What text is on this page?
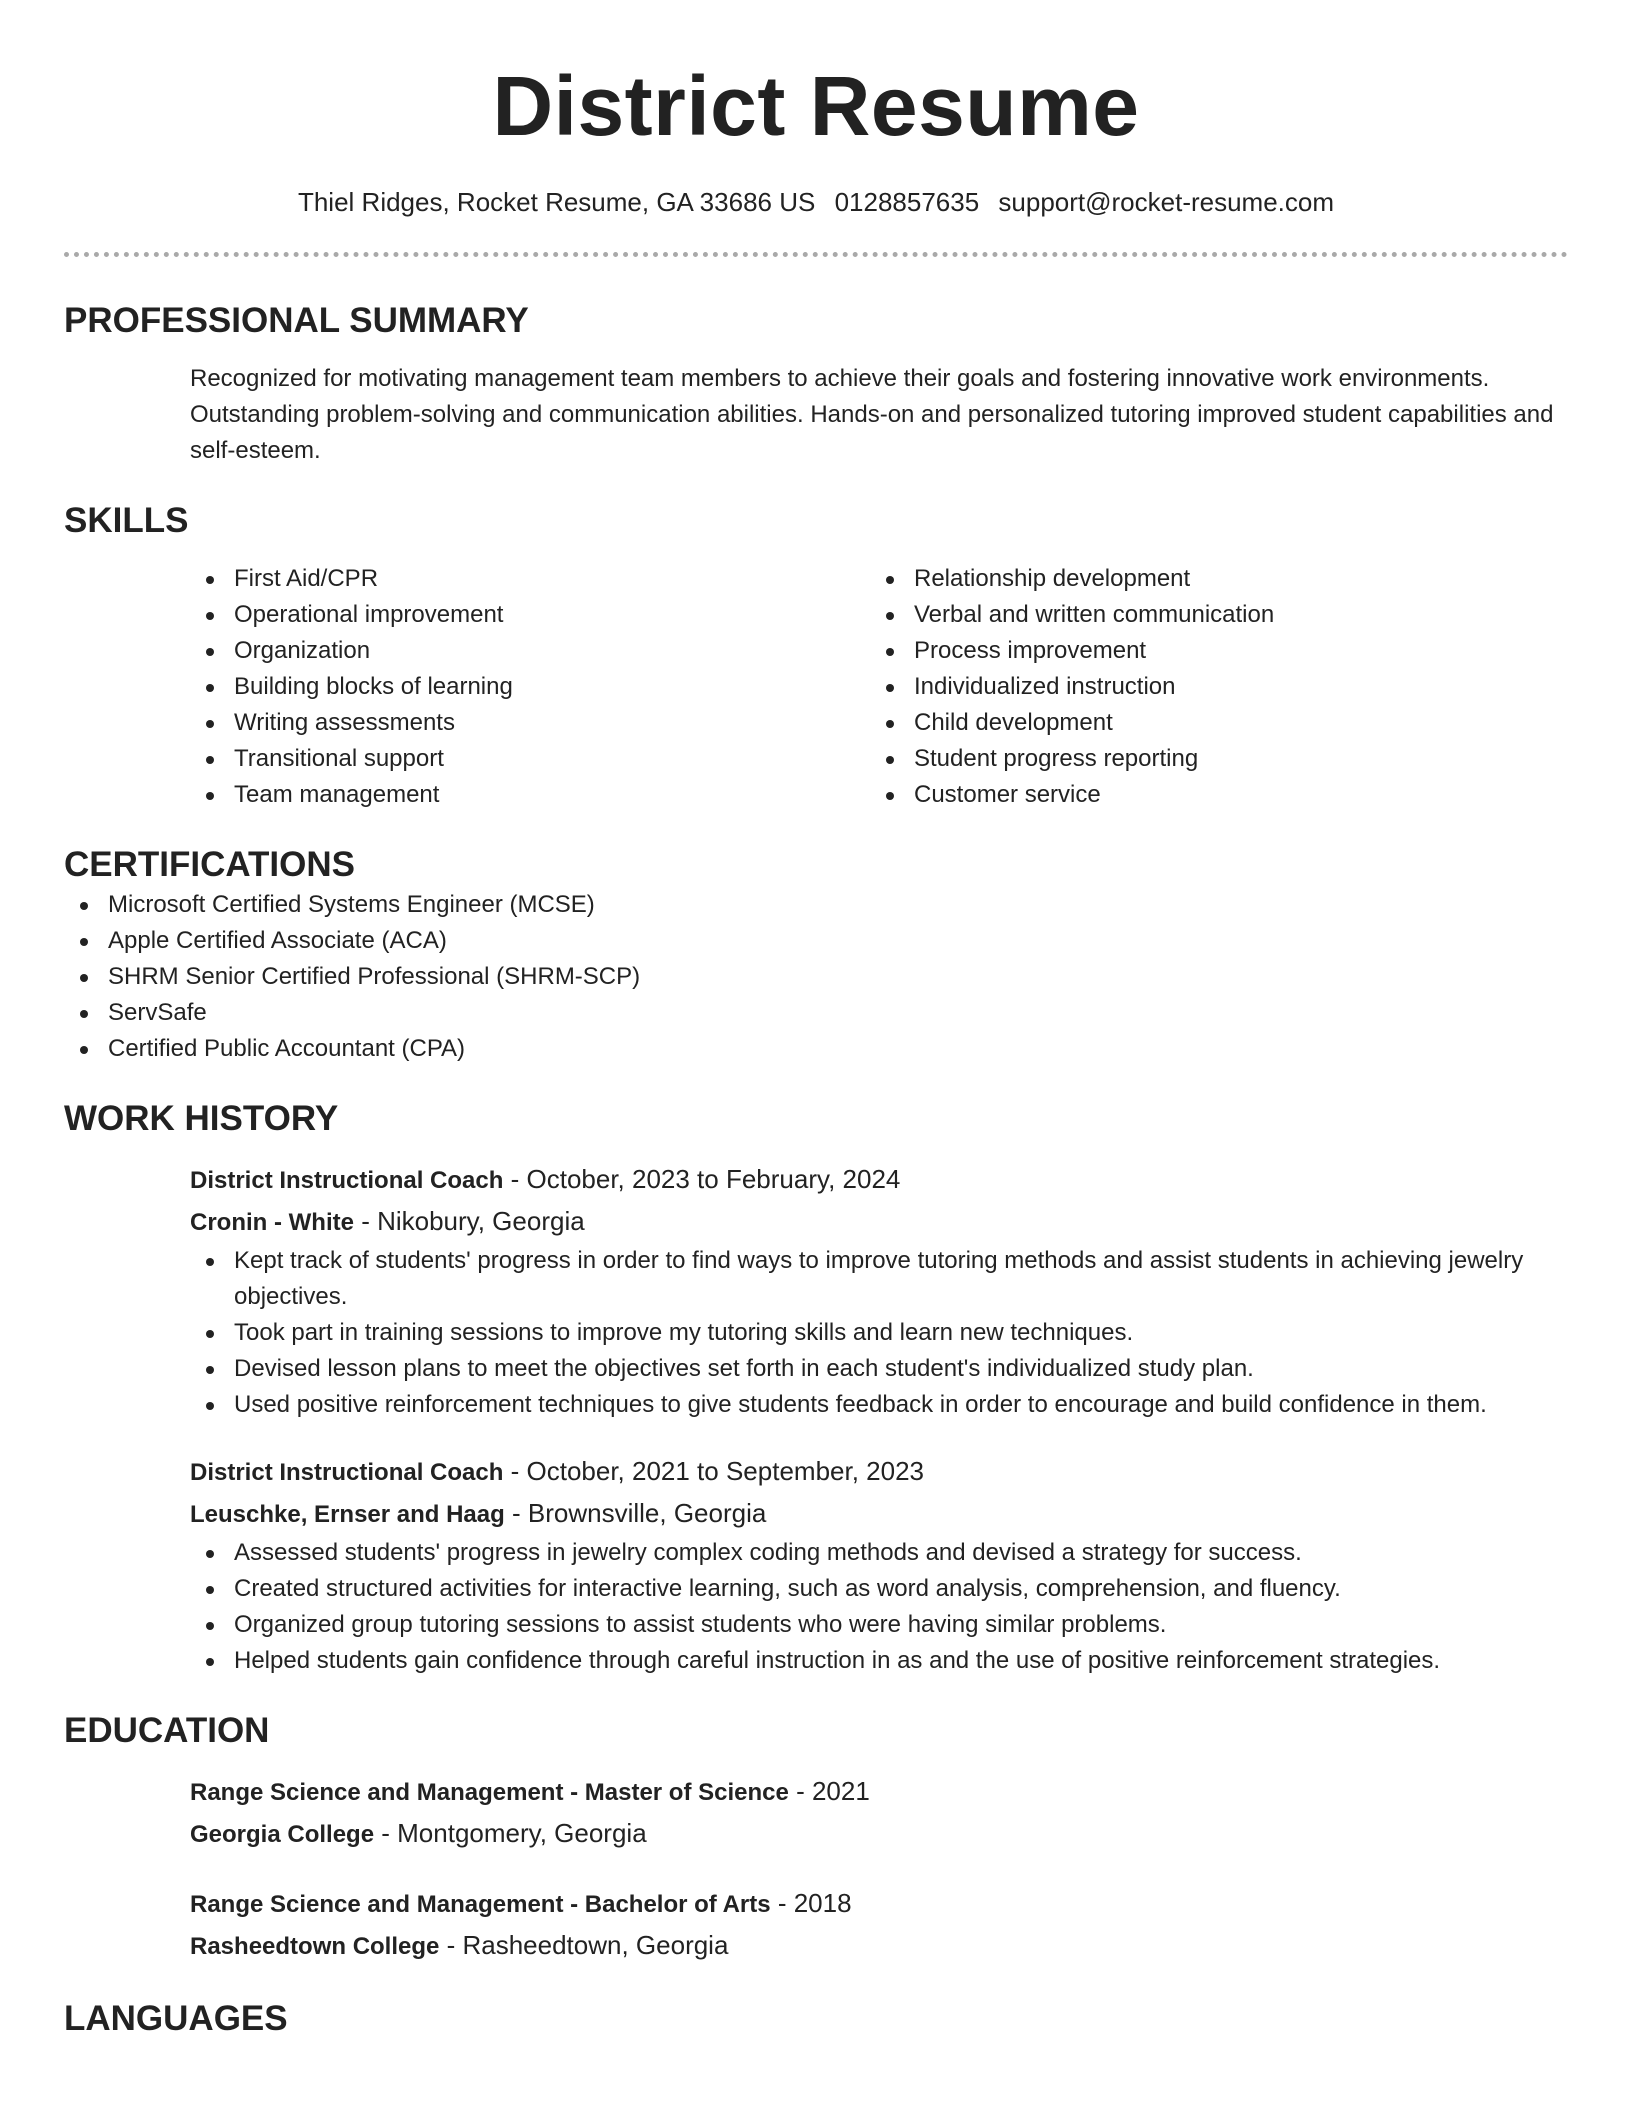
District Resume
Thiel Ridges, Rocket Resume, GA 33686 US 0128857635 support@rocket-resume.com
PROFESSIONAL SUMMARY

Recognized for motivating management team members to achieve their goals and fostering innovative work environments. Outstanding problem-solving and communication abilities. Hands-on and personalized tutoring improved student capabilities and self-esteem.

SKILLS
First Aid/CPR
Operational improvement
Organization
Building blocks of learning
Writing assessments
Transitional support
Team management
Relationship development
Verbal and written communication
Process improvement
Individualized instruction
Child development
Student progress reporting
Customer service
CERTIFICATIONS
Microsoft Certified Systems Engineer (MCSE)
Apple Certified Associate (ACA)
SHRM Senior Certified Professional (SHRM-SCP)
ServSafe
Certified Public Accountant (CPA)
WORK HISTORY
District Instructional Coach - October, 2023 to February, 2024
Cronin - White - Nikobury, Georgia
Kept track of students' progress in order to find ways to improve tutoring methods and assist students in achieving jewelry objectives.
Took part in training sessions to improve my tutoring skills and learn new techniques.
Devised lesson plans to meet the objectives set forth in each student's individualized study plan.
Used positive reinforcement techniques to give students feedback in order to encourage and build confidence in them.
District Instructional Coach - October, 2021 to September, 2023
Leuschke, Ernser and Haag - Brownsville, Georgia
Assessed students' progress in jewelry complex coding methods and devised a strategy for success.
Created structured activities for interactive learning, such as word analysis, comprehension, and fluency.
Organized group tutoring sessions to assist students who were having similar problems.
Helped students gain confidence through careful instruction in as and the use of positive reinforcement strategies.
EDUCATION
Range Science and Management - Master of Science - 2021
Georgia College - Montgomery, Georgia
Range Science and Management - Bachelor of Arts - 2018
Rasheedtown College - Rasheedtown, Georgia
LANGUAGES
